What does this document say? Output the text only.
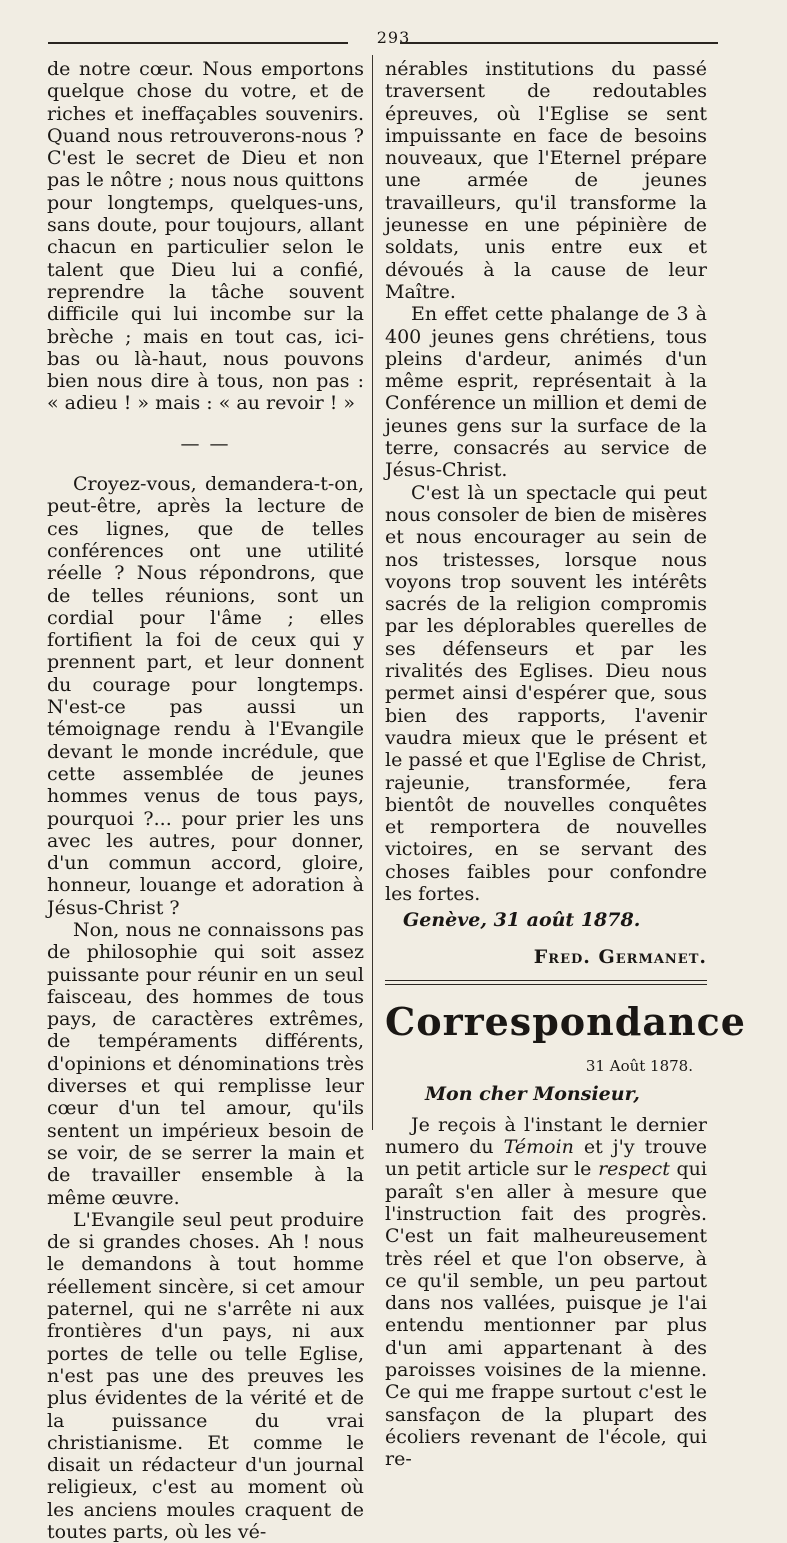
293

de notre cœur. Nous emportons quelque chose du votre, et de riches et ineffaçables souvenirs. Quand nous retrouverons-nous ? C'est le secret de Dieu et non pas le nôtre ; nous nous quittons pour longtemps, quelques-uns, sans doute, pour toujours, allant chacun en particulier selon le talent que Dieu lui a confié, reprendre la tâche souvent difficile qui lui incombe sur la brèche ; mais en tout cas, ici-bas ou là-haut, nous pouvons bien nous dire à tous, non pas : « adieu ! » mais : « au revoir ! »

— —

Croyez-vous, demandera-t-on, peut-être, après la lecture de ces lignes, que de telles conférences ont une utilité réelle ? Nous répondrons, que de telles réunions, sont un cordial pour l'âme ; elles fortifient la foi de ceux qui y prennent part, et leur donnent du courage pour longtemps. N'est-ce pas aussi un témoignage rendu à l'Evangile devant le monde incrédule, que cette assemblée de jeunes hommes venus de tous pays, pourquoi ?... pour prier les uns avec les autres, pour donner, d'un commun accord, gloire, honneur, louange et adoration à Jésus-Christ ?

Non, nous ne connaissons pas de philosophie qui soit assez puissante pour réunir en un seul faisceau, des hommes de tous pays, de caractères extrêmes, de tempéraments différents, d'opinions et dénominations très diverses et qui remplisse leur cœur d'un tel amour, qu'ils sentent un impérieux besoin de se voir, de se serrer la main et de travailler ensemble à la même œuvre.

L'Evangile seul peut produire de si grandes choses. Ah ! nous le demandons à tout homme réellement sincère, si cet amour paternel, qui ne s'arrête ni aux frontières d'un pays, ni aux portes de telle ou telle Eglise, n'est pas une des preuves les plus évidentes de la vérité et de la puissance du vrai christianisme. Et comme le disait un rédacteur d'un journal religieux, c'est au moment où les anciens moules craquent de toutes parts, où les vé-

nérables institutions du passé traversent de redoutables épreuves, où l'Eglise se sent impuissante en face de besoins nouveaux, que l'Eternel prépare une armée de jeunes travailleurs, qu'il transforme la jeunesse en une pépinière de soldats, unis entre eux et dévoués à la cause de leur Maître.

En effet cette phalange de 3 à 400 jeunes gens chrétiens, tous pleins d'ardeur, animés d'un même esprit, représentait à la Conférence un million et demi de jeunes gens sur la surface de la terre, consacrés au service de Jésus-Christ.

C'est là un spectacle qui peut nous consoler de bien de misères et nous encourager au sein de nos tristesses, lorsque nous voyons trop souvent les intérêts sacrés de la religion compromis par les déplorables querelles de ses défenseurs et par les rivalités des Eglises. Dieu nous permet ainsi d'espérer que, sous bien des rapports, l'avenir vaudra mieux que le présent et le passé et que l'Eglise de Christ, rajeunie, transformée, fera bientôt de nouvelles conquêtes et remportera de nouvelles victoires, en se servant des choses faibles pour confondre les fortes.

Genève, 31 août 1878.
Fred. Germanet.
Correspondance
31 Août 1878.
Mon cher Monsieur,

Je reçois à l'instant le dernier numero du Témoin et j'y trouve un petit article sur le respect qui paraît s'en aller à mesure que l'instruction fait des progrès. C'est un fait malheureusement très réel et que l'on observe, à ce qu'il semble, un peu partout dans nos vallées, puisque je l'ai entendu mentionner par plus d'un ami appartenant à des paroisses voisines de la mienne. Ce qui me frappe surtout c'est le sansfaçon de la plupart des écoliers revenant de l'école, qui re-
